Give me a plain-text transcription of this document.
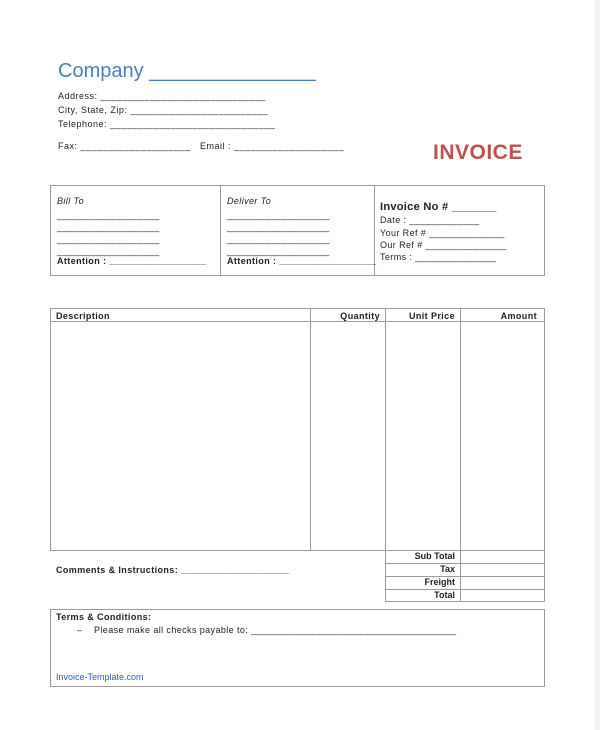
Company _______________
Address: ______________________________
City, State, Zip: _________________________
Telephone: ______________________________
Fax: ____________________ Email : ____________________	INVOICE
Bill To
___________________
___________________
___________________
___________________
Attention : __________________
Deliver To
___________________
___________________
___________________
___________________
Attention : __________________
Invoice No # _______
Date : _____________
Your Ref # ______________
Our Ref # _______________
Terms : _______________
Description	Quantity	Unit Price	Amount
Sub Total
Tax
Freight
Total
Comments & Instructions: ____________________
Terms & Conditions:
– Please make all checks payable to: ______________________________________
Invoice-Template.com
